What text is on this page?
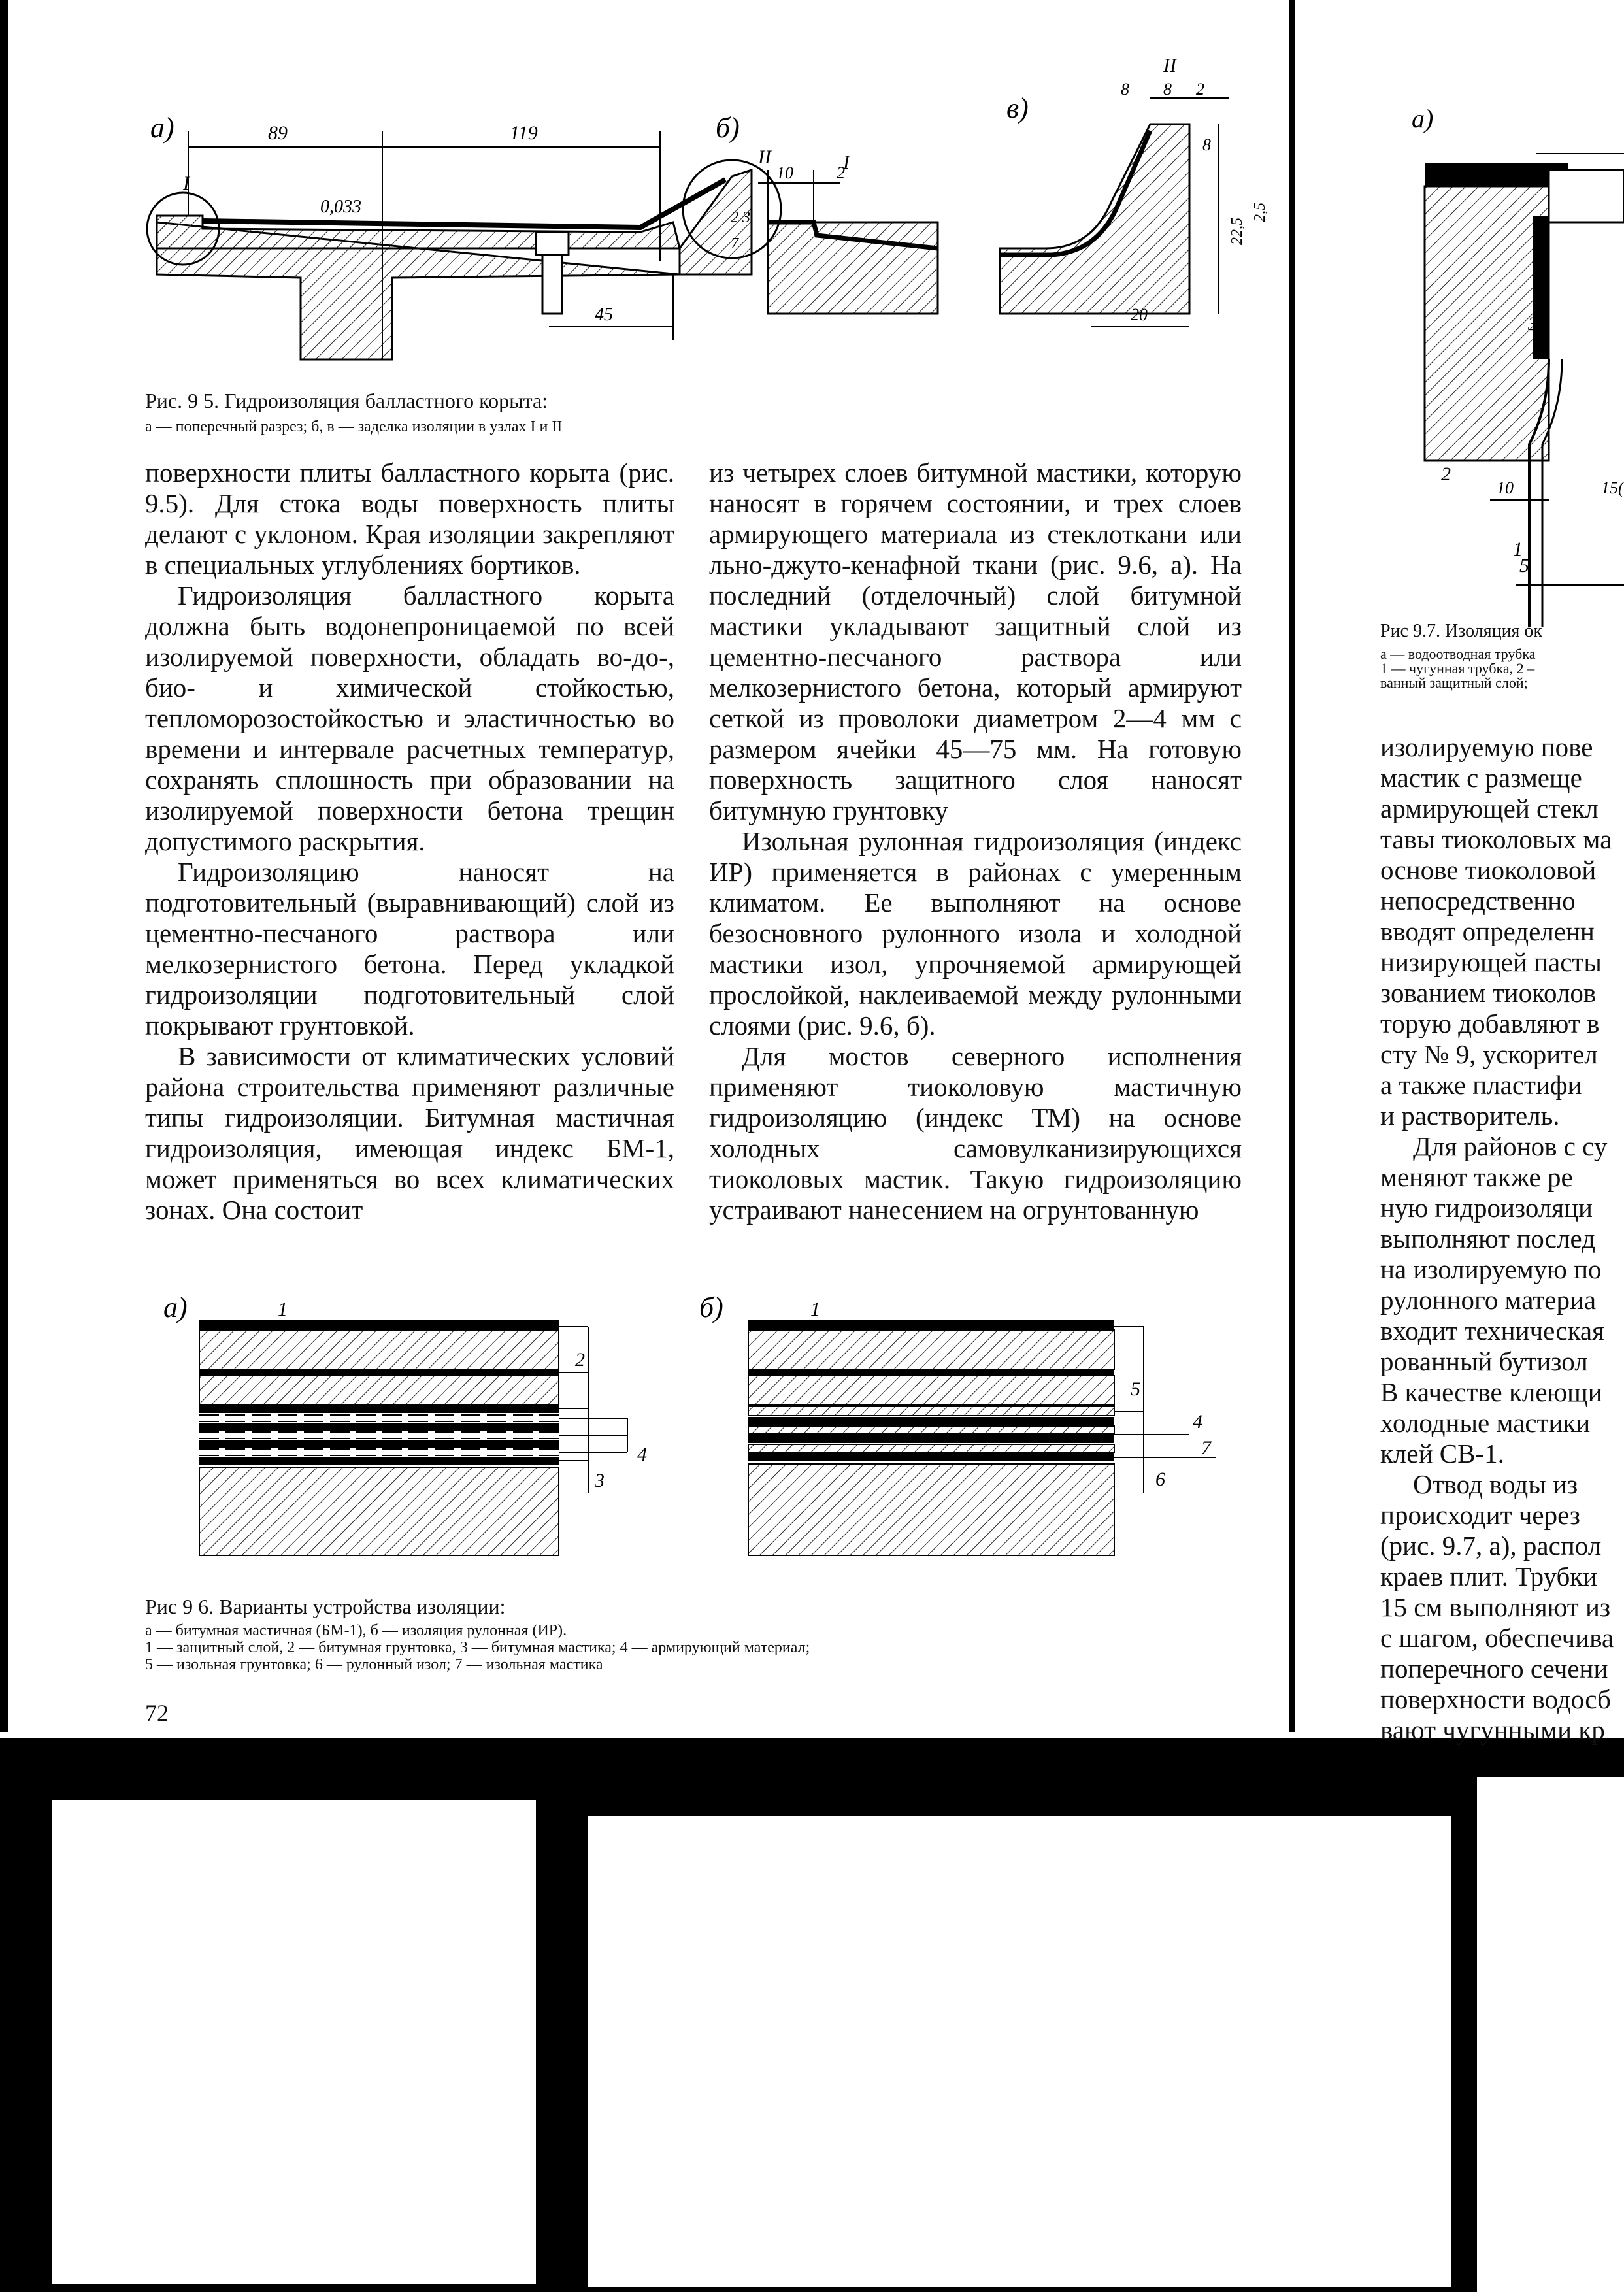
а)	89	119
I
II
0,033
45
б)
10	2
I
7
2 3
в)
8 8 2
II
8
22,5
2,5
20
Рис. 9 5. Гидроизоляция балластного корыта:
а — поперечный разрез; б, в — заделка изоляции в узлах I и II

поверхности плиты балластного корыта (рис. 9.5). Для стока воды поверхность плиты делают с уклоном. Края изоляции закрепляют в специальных углублениях бортиков.

Гидроизоляция балластного корыта должна быть водонепроницаемой по всей изолируемой поверхности, обладать во-до-, био- и химической стойкостью, тепломорозостойкостью и эластичностью во времени и интервале расчетных температур, сохранять сплошность при образовании на изолируемой поверхности бетона трещин допустимого раскрытия.

Гидроизоляцию наносят на подготовительный (выравнивающий) слой из цементно-песчаного раствора или мелкозернистого бетона. Перед укладкой гидроизоляции подготовительный слой покрывают грунтовкой.

В зависимости от климатических условий района строительства применяют различные типы гидроизоляции. Битумная мастичная гидроизоляция, имеющая индекс БМ-1, может применяться во всех климатических зонах. Она состоит

из четырех слоев битумной мастики, которую наносят в горячем состоянии, и трех слоев армирующего материала из стеклоткани или льно-джуто-кенафной ткани (рис. 9.6, а). На последний (отделочный) слой битумной мастики укладывают защитный слой из цементно-песчаного раствора или мелкозернистого бетона, который армируют сеткой из проволоки диаметром 2—4 мм с размером ячейки 45—75 мм. На готовую поверхность защитного слоя наносят битумную грунтовку

Изольная рулонная гидроизоляция (индекс ИР) применяется в районах с умеренным климатом. Ее выполняют на основе безосновного рулонного изола и холодной мастики изол, упрочняемой армирующей прослойкой, наклеиваемой между рулонными слоями (рис. 9.6, б).

Для мостов северного исполнения применяют тиоколовую мастичную гидроизоляцию (индекс ТМ) на основе холодных самовулканизирующихся тиоколовых мастик. Такую гидроизоляцию устраивают нанесением на огрунтованную

а)	1
2
3
4
б)	1
5
4
6
7
Рис 9 6. Варианты устройства изоляции:
а — битумная мастичная (БМ-1), б — изоляция рулонная (ИР).
1 — защитный слой, 2 — битумная грунтовка, 3 — битумная мастика; 4 — армирующий материал;
5 — изольная грунтовка; 6 — рулонный изол; 7 — изольная мастика
72
а)
2
3
1
5
10	15(
Рис 9.7. Изоляция ок
а — водоотводная трубка
1 — чугунная трубка, 2 –
ванный защитный слой;
изолируемую пове
мастик с размеще
армирующей стекл
тавы тиоколовых ма
основе тиоколовой
непосредственно
вводят определенн
низирующей пасты
зованием тиоколов
торую добавляют в
сту № 9, ускорител
а также пластифи
и растворитель.
Для районов с су
меняют также ре
ную гидроизоляци
выполняют послед
на изолируемую по
рулонного материа
входит техническая
рованный бутизол
В качестве клеющи
холодные мастики
клей СВ-1.
Отвод воды из
происходит через
(рис. 9.7, а), распол
краев плит. Трубки
15 см выполняют из
с шагом, обеспечива
поперечного сечени
поверхности водосб
вают чугунными кр
